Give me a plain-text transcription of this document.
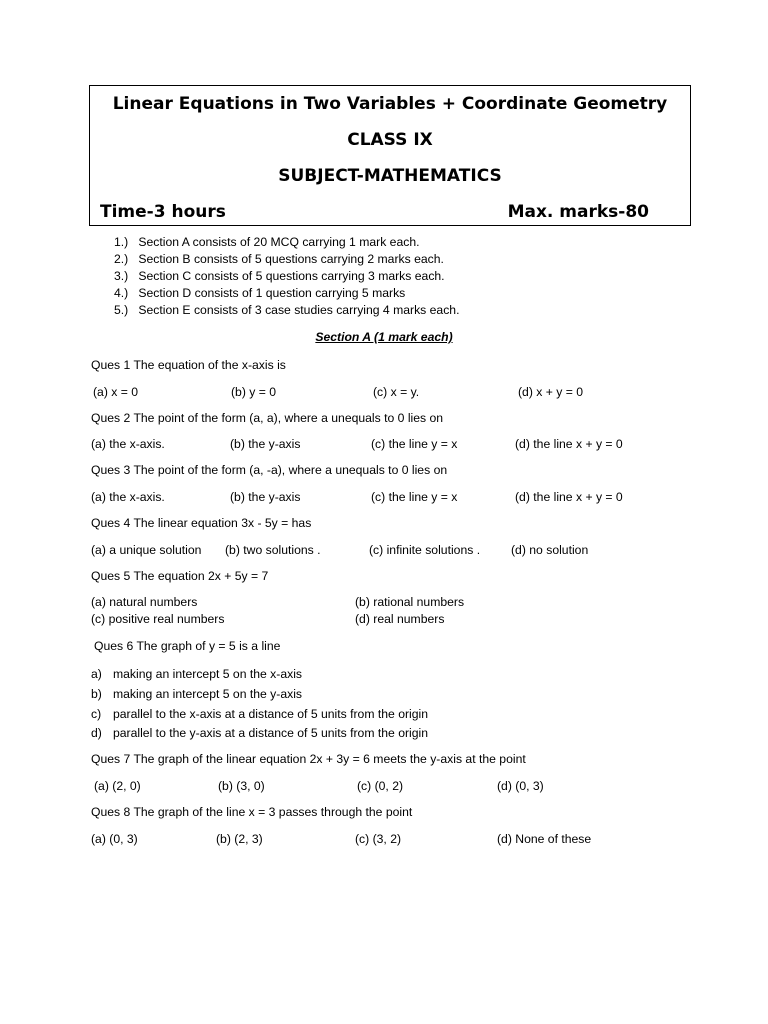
Linear Equations in Two Variables + Coordinate Geometry
CLASS IX
SUBJECT-MATHEMATICS
Time-3 hours	Max. marks-80
1.) Section A consists of 20 MCQ carrying 1 mark each.
2.) Section B consists of 5 questions carrying 2 marks each.
3.) Section C consists of 5 questions carrying 3 marks each.
4.) Section D consists of 1 question carrying 5 marks
5.) Section E consists of 3 case studies carrying 4 marks each.
Section A (1 mark each)
Ques 1 The equation of the x-axis is
(a) x = 0	(b) y = 0	(c) x = y.	(d) x + y = 0
Ques 2 The point of the form (a, a), where a unequals to 0 lies on
(a) the x-axis.	(b) the y-axis	(c) the line y = x	(d) the line x + y = 0
Ques 3 The point of the form (a, -a), where a unequals to 0 lies on
(a) the x-axis.	(b) the y-axis	(c) the line y = x	(d) the line x + y = 0
Ques 4 The linear equation 3x - 5y = has
(a) a unique solution (b) two solutions .	(c) infinite solutions .	(d) no solution
Ques 5 The equation 2x + 5y = 7
(a) natural numbers	(b) rational numbers
(c) positive real numbers	(d) real numbers
Ques 6 The graph of y = 5 is a line
a) making an intercept 5 on the x-axis
b) making an intercept 5 on the y-axis
c) parallel to the x-axis at a distance of 5 units from the origin
d) parallel to the y-axis at a distance of 5 units from the origin
Ques 7 The graph of the linear equation 2x + 3y = 6 meets the y-axis at the point
(a) (2, 0)	(b) (3, 0)	(c) (0, 2)	(d) (0, 3)
Ques 8 The graph of the line x = 3 passes through the point
(a) (0, 3)	(b) (2, 3)	(c) (3, 2)	(d) None of these
